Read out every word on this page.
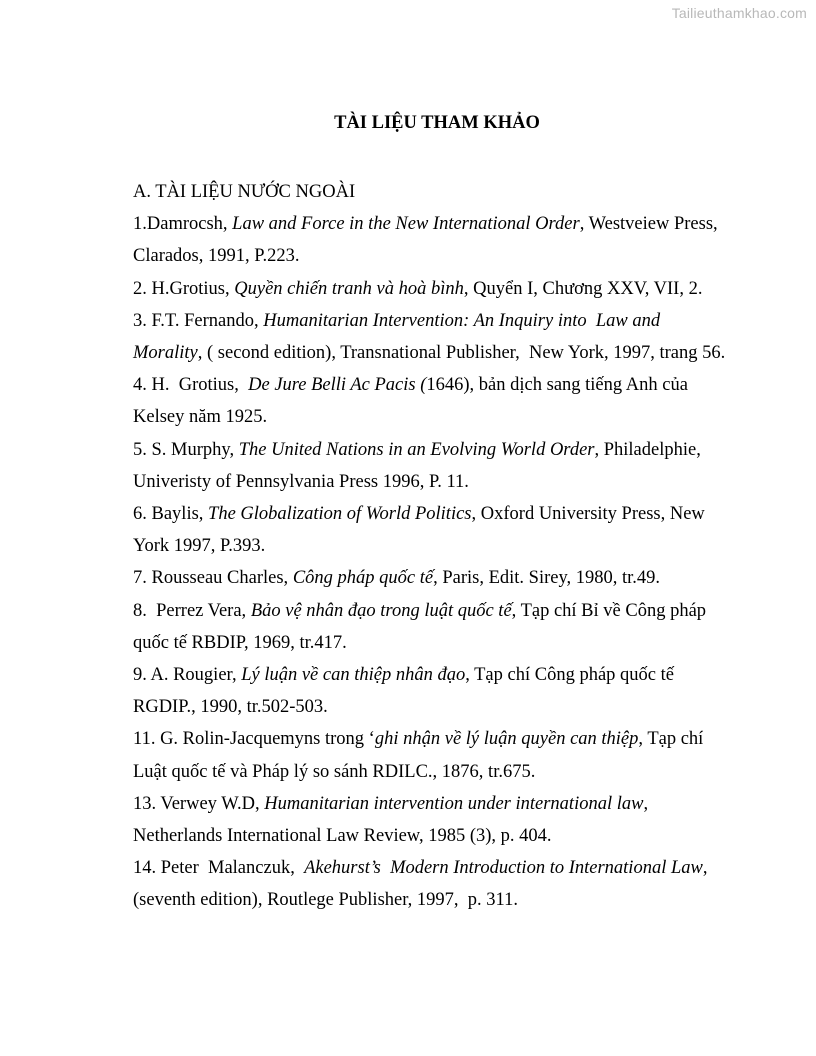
Tailieuthamkhao.com
TÀI LIỆU THAM KHẢO
A. TÀI LIỆU NƯỚC NGOÀI
1.Damrocsh, Law and Force in the New International Order, Westveiew Press,
Clarados, 1991, P.223.
2. H.Grotius, Quyền chiến tranh và hoà bình, Quyển I, Chương XXV, VII, 2.
3. F.T. Fernando, Humanitarian Intervention: An Inquiry into  Law and
Morality, ( second edition), Transnational Publisher,  New York, 1997, trang 56.
4. H.  Grotius,  De Jure Belli Ac Pacis (1646), bản dịch sang tiếng Anh của
Kelsey năm 1925.
5. S. Murphy, The United Nations in an Evolving World Order, Philadelphie,
Univeristy of Pennsylvania Press 1996, P. 11.
6. Baylis, The Globalization of World Politics, Oxford University Press, New
York 1997, P.393.
7. Rousseau Charles, Công pháp quốc tế, Paris, Edit. Sirey, 1980, tr.49.
8.  Perrez Vera, Bảo vệ nhân đạo trong luật quốc tế, Tạp chí Bỉ về Công pháp
quốc tế RBDIP, 1969, tr.417.
9. A. Rougier, Lý luận về can thiệp nhân đạo, Tạp chí Công pháp quốc tế
RGDIP., 1990, tr.502-503.
11. G. Rolin-Jacquemyns trong ‘ghi nhận về lý luận quyền can thiệp, Tạp chí
Luật quốc tế và Pháp lý so sánh RDILC., 1876, tr.675.
13. Verwey W.D, Humanitarian intervention under international law,
Netherlands International Law Review, 1985 (3), p. 404.
14. Peter  Malanczuk,  Akehurst’s  Modern Introduction to International Law,
(seventh edition), Routlege Publisher, 1997,  p. 311.
